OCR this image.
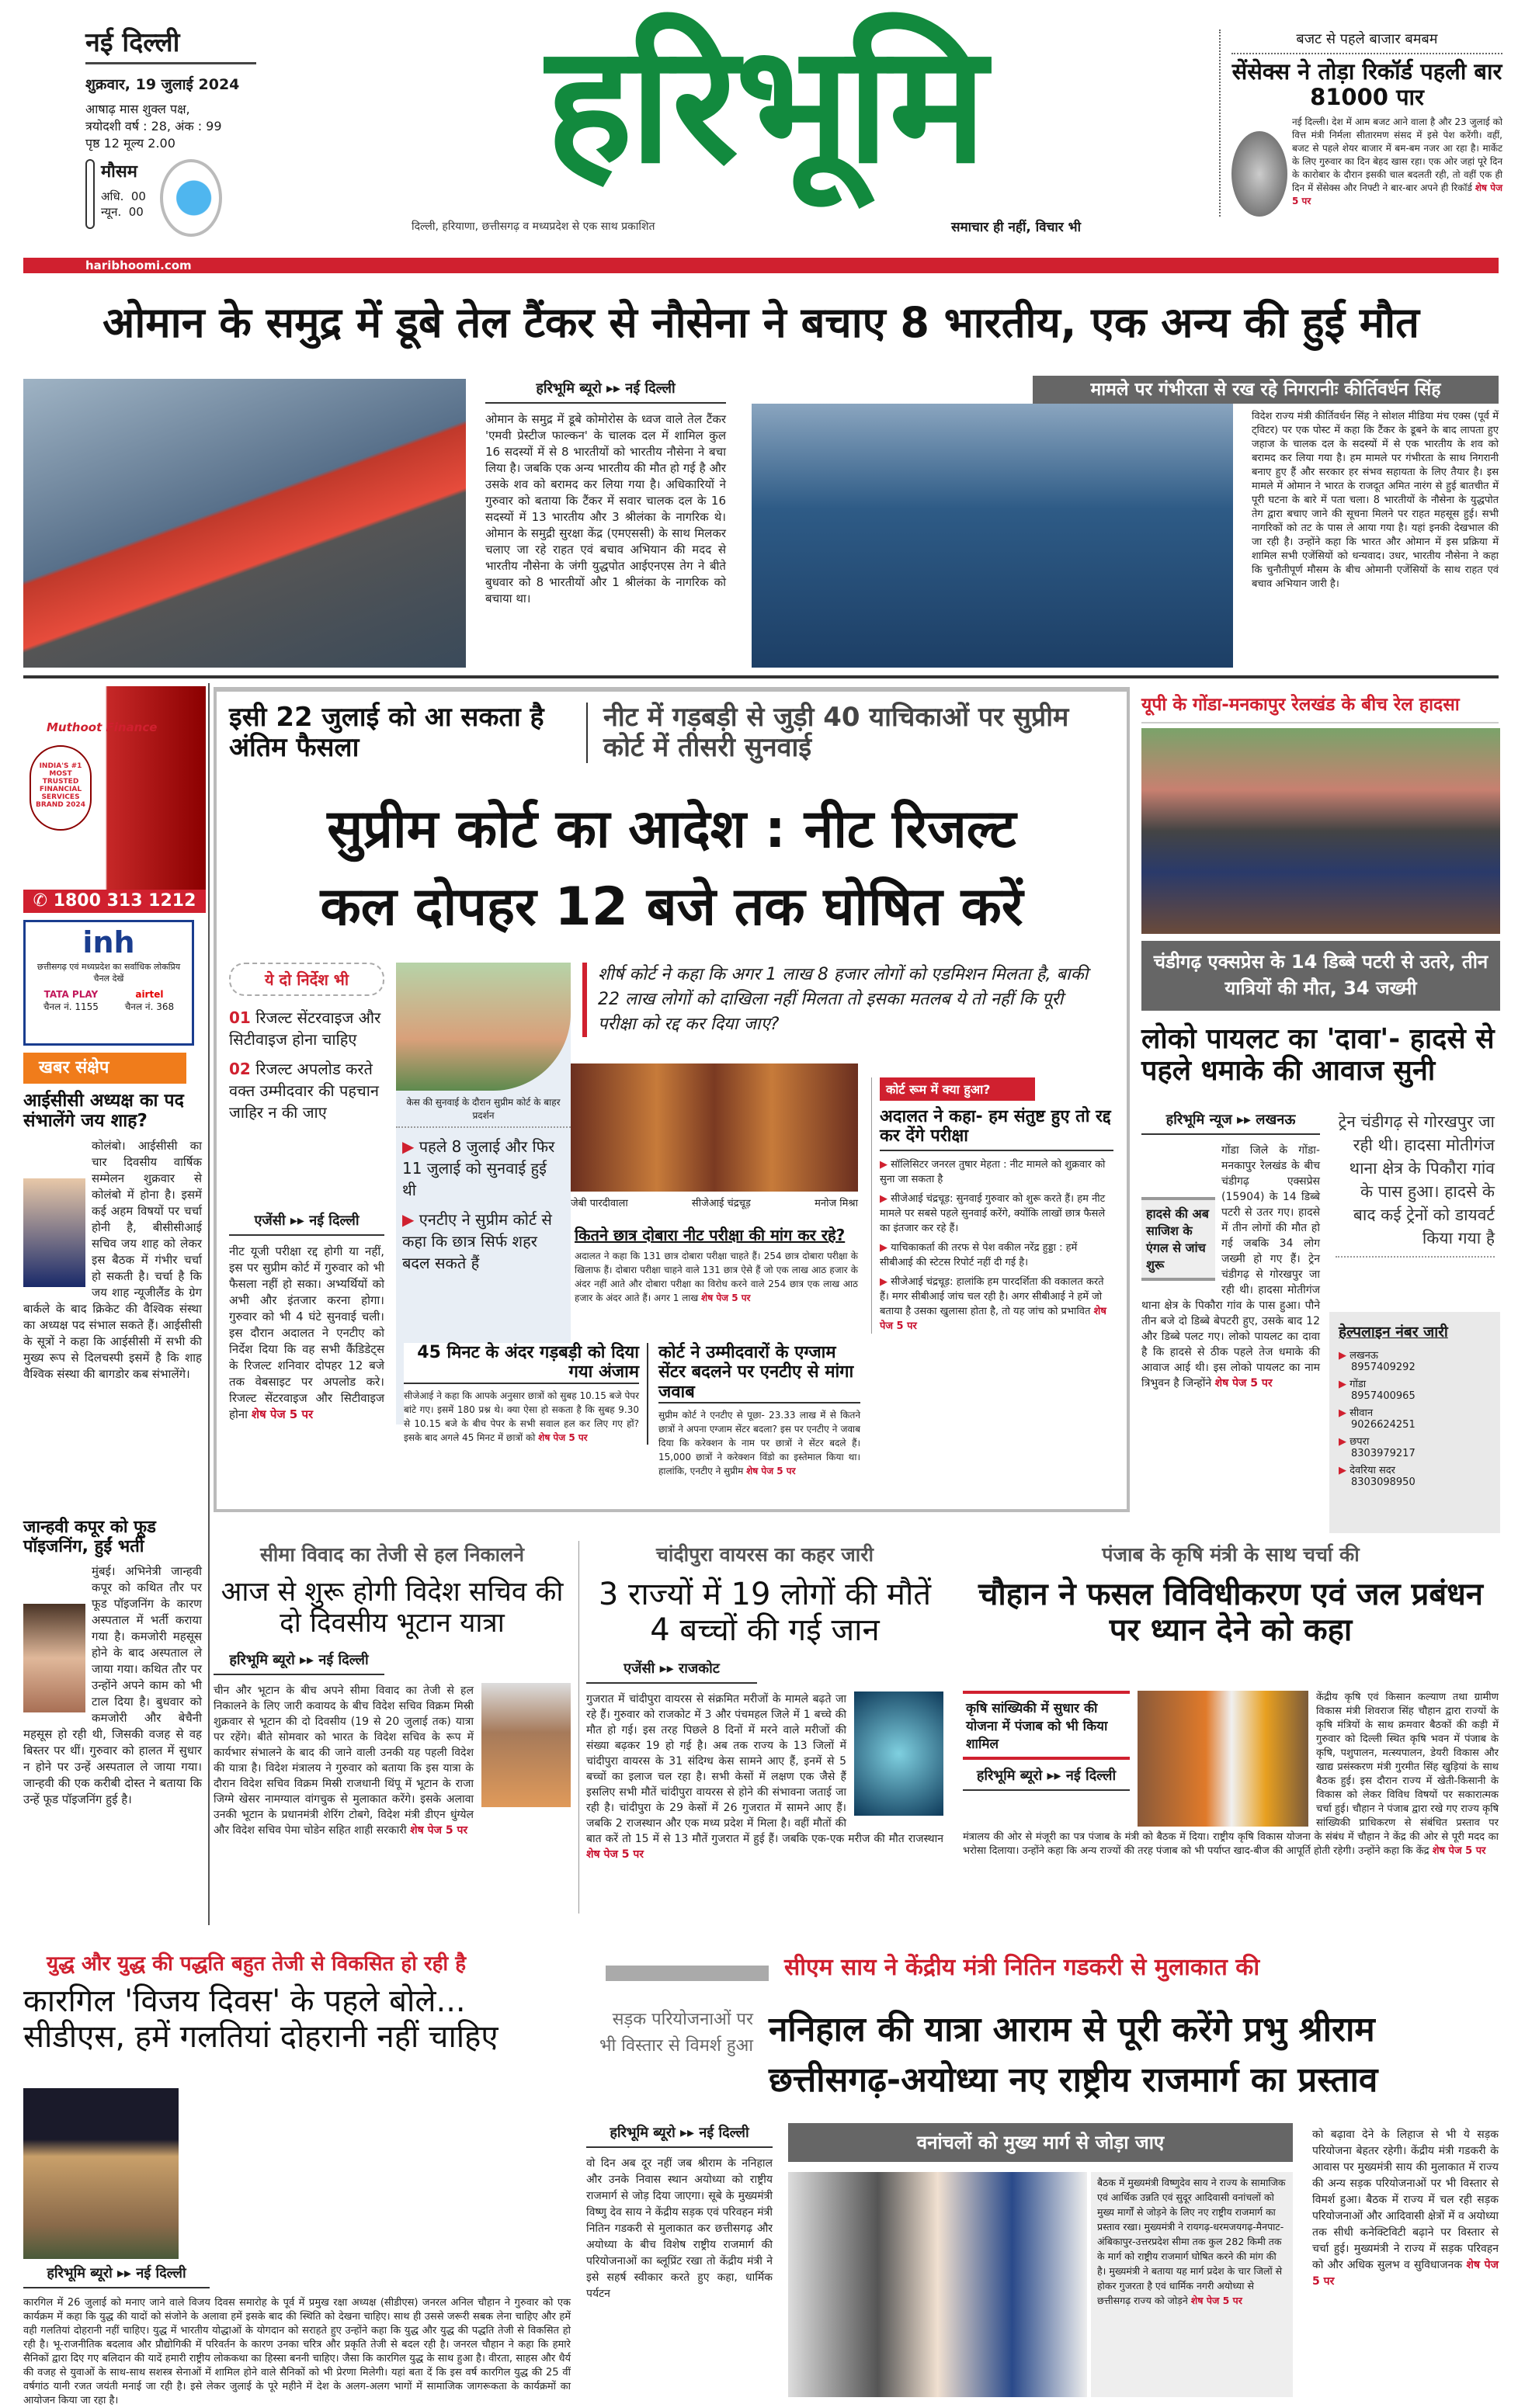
नई दिल्ली
शुक्रवार, 19 जुलाई 2024
आषाढ़ मास शुक्ल पक्ष,
त्रयोदशी वर्ष : 28, अंक : 99
पृष्ठ 12 मूल्य 2.00
मौसम
अधि. 00
न्यून. 00
हरिभूमि
दिल्ली, हरियाणा, छत्तीसगढ़ व मध्यप्रदेश से एक साथ प्रकाशित	समाचार ही नहीं, विचार भी
बजट से पहले बाजार बमबम
सेंसेक्स ने तोड़ा रिकॉर्ड पहली बार 81000 पार
नई दिल्ली। देश में आम बजट आने वाला है और 23 जुलाई को वित्त मंत्री निर्मला सीतारमण संसद में इसे पेश करेंगी। वहीं, बजट से पहले शेयर बाजार में बम-बम नजर आ रहा है। मार्केट के लिए गुरुवार का दिन बेहद खास रहा। एक ओर जहां पूरे दिन के कारोबार के दौरान इसकी चाल बदलती रही, तो वहीं एक ही दिन में सेंसेक्स और निफ्टी ने बार-बार अपने ही रिकॉर्ड शेष पेज 5 पर
haribhoomi.com
ओमान के समुद्र में डूबे तेल टैंकर से नौसेना ने बचाए 8 भारतीय, एक अन्य की हुई मौत
हरिभूमि ब्यूरो ▸▸ नई दिल्ली
ओमान के समुद्र में डूबे कोमोरोस के ध्वज वाले तेल टैंकर 'एमवी प्रेस्टीज फाल्कन' के चालक दल में शामिल कुल 16 सदस्यों में से 8 भारतीयों को भारतीय नौसेना ने बचा लिया है। जबकि एक अन्य भारतीय की मौत हो गई है और उसके शव को बरामद कर लिया गया है। अधिकारियों ने गुरुवार को बताया कि टैंकर में सवार चालक दल के 16 सदस्यों में 13 भारतीय और 3 श्रीलंका के नागरिक थे। ओमान के समुद्री सुरक्षा केंद्र (एमएससी) के साथ मिलकर चलाए जा रहे राहत एवं बचाव अभियान की मदद से भारतीय नौसेना के जंगी युद्धपोत आईएनएस तेग ने बीते बुधवार को 8 भारतीयों और 1 श्रीलंका के नागरिक को बचाया था।
मामले पर गंभीरता से रख रहे निगरानीः कीर्तिवर्धन सिंह
विदेश राज्य मंत्री कीर्तिवर्धन सिंह ने सोशल मीडिया मंच एक्स (पूर्व में ट्विटर) पर एक पोस्ट में कहा कि टैंकर के डूबने के बाद लापता हुए जहाज के चालक दल के सदस्यों में से एक भारतीय के शव को बरामद कर लिया गया है। हम मामले पर गंभीरता के साथ निगरानी बनाए हुए हैं और सरकार हर संभव सहायता के लिए तैयार है। इस मामले में ओमान ने भारत के राजदूत अमित नारंग से हुई बातचीत में पूरी घटना के बारे में पता चला। 8 भारतीयों के नौसेना के युद्धपोत तेग द्वारा बचाए जाने की सूचना मिलने पर राहत महसूस हुई। सभी नागरिकों को तट के पास ले आया गया है। यहां इनकी देखभाल की जा रही है। उन्होंने कहा कि भारत और ओमान में इस प्रक्रिया में शामिल सभी एजेंसियों को धन्यवाद। उधर, भारतीय नौसेना ने कहा कि चुनौतीपूर्ण मौसम के बीच ओमानी एजेंसियों के साथ राहत एवं बचाव अभियान जारी है।
Muthoot Finance
INDIA'S #1 MOST TRUSTED FINANCIAL SERVICES BRAND 2024
✆ 1800 313 1212
inh
छत्तीसगढ़ एवं मध्यप्रदेश का सर्वाधिक लोकप्रिय चैनल देखें
TATA PLAY
चैनल नं. 1155
airtel
चैनल नं. 368
खबर संक्षेप
आईसीसी अध्यक्ष का पद संभालेंगे जय शाह?
कोलंबो। आईसीसी का चार दिवसीय वार्षिक सम्मेलन शुक्रवार से कोलंबो में होना है। इसमें कई अहम विषयों पर चर्चा होनी है, बीसीसीआई सचिव जय शाह को लेकर इस बैठक में गंभीर चर्चा हो सकती है। चर्चा है कि जय शाह न्यूजीलैंड के ग्रेग बार्कले के बाद क्रिकेट की वैश्विक संस्था का अध्यक्ष पद संभाल सकते हैं। आईसीसी के सूत्रों ने कहा कि आईसीसी में सभी की मुख्य रूप से दिलचस्पी इसमें है कि शाह वैश्विक संस्था की बागडोर कब संभालेंगे।
जान्हवी कपूर को फूड पॉइजनिंग, हुईं भर्ती
मुंबई। अभिनेत्री जान्हवी कपूर को कथित तौर पर फूड पॉइजनिंग के कारण अस्पताल में भर्ती कराया गया है। कमजोरी महसूस होने के बाद अस्पताल ले जाया गया। कथित तौर पर उन्होंने अपने काम को भी टाल दिया है। बुधवार को कमजोरी और बेचैनी महसूस हो रही थी, जिसकी वजह से वह बिस्तर पर थीं। गुरुवार को हालत में सुधार न होने पर उन्हें अस्पताल ले जाया गया। जान्हवी की एक करीबी दोस्त ने बताया कि उन्हें फूड पॉइजनिंग हुई है।
इसी 22 जुलाई को आ सकता है अंतिम फैसला
नीट में गड़बड़ी से जुड़ी 40 याचिकाओं पर सुप्रीम कोर्ट में तीसरी सुनवाई
सुप्रीम कोर्ट का आदेश : नीट रिजल्ट
कल दोपहर 12 बजे तक घोषित करें
ये दो निर्देश भी
01 रिजल्ट सेंटरवाइज और सिटीवाइज होना चाहिए
02 रिजल्ट अपलोड करते वक्त उम्मीदवार की पहचान जाहिर न की जाए
एजेंसी ▸▸ नई दिल्ली
नीट यूजी परीक्षा रद्द होगी या नहीं, इस पर सुप्रीम कोर्ट में गुरुवार को भी फैसला नहीं हो सका। अभ्यर्थियों को अभी और इंतजार करना होगा। गुरुवार को भी 4 घंटे सुनवाई चली। इस दौरान अदालत ने एनटीए को निर्देश दिया कि वह सभी कैंडिडेट्स के रिजल्ट शनिवार दोपहर 12 बजे तक वेबसाइट पर अपलोड करे। रिजल्ट सेंटरवाइज और सिटीवाइज होना शेष पेज 5 पर
केस की सुनवाई के दौरान सुप्रीम कोर्ट के बाहर प्रदर्शन
▶ पहले 8 जुलाई और फिर 11 जुलाई को सुनवाई हुई थी
▶ एनटीए ने सुप्रीम कोर्ट से कहा कि छात्र सिर्फ शहर बदल सकते हैं
शीर्ष कोर्ट ने कहा कि अगर 1 लाख 8 हजार लोगों को एडमिशन मिलता है, बाकी 22 लाख लोगों को दाखिला नहीं मिलता तो इसका मतलब ये तो नहीं कि पूरी परीक्षा को रद्द कर दिया जाए?
जेबी पारदीवाला	सीजेआई चंद्रचूड़	मनोज मिश्रा
कितने छात्र दोबारा नीट परीक्षा की मांग कर रहे?
अदालत ने कहा कि 131 छात्र दोबारा परीक्षा चाहते हैं। 254 छात्र दोबारा परीक्षा के खिलाफ हैं। दोबारा परीक्षा चाहने वाले 131 छात्र ऐसे हैं जो एक लाख आठ हजार के अंदर नहीं आते और दोबारा परीक्षा का विरोध करने वाले 254 छात्र एक लाख आठ हजार के अंदर आते हैं। अगर 1 लाख शेष पेज 5 पर
45 मिनट के अंदर गड़बड़ी को दिया गया अंजाम
सीजेआई ने कहा कि आपके अनुसार छात्रों को सुबह 10.15 बजे पेपर बांटे गए। इसमें 180 प्रश्न थे। क्या ऐसा हो सकता है कि सुबह 9.30 से 10.15 बजे के बीच पेपर के सभी सवाल हल कर लिए गए हों? इसके बाद अगले 45 मिनट में छात्रों को शेष पेज 5 पर
कोर्ट ने उम्मीदवारों के एग्जाम सेंटर बदलने पर एनटीए से मांगा जवाब
सुप्रीम कोर्ट ने एनटीए से पूछा- 23.33 लाख में से कितने छात्रों ने अपना एग्जाम सेंटर बदला? इस पर एनटीए ने जवाब दिया कि करेक्शन के नाम पर छात्रों ने सेंटर बदले हैं। 15,000 छात्रों ने करेक्शन विंडो का इस्तेमाल किया था। हालांकि, एनटीए ने सुप्रीम शेष पेज 5 पर
कोर्ट रूम में क्या हुआ?
अदालत ने कहा- हम संतुष्ट हुए तो रद्द कर देंगे परीक्षा
▶ सॉलिसिटर जनरल तुषार मेहता : नीट मामले को शुक्रवार को सुना जा सकता है
▶ सीजेआई चंद्रचूड़: सुनवाई गुरुवार को शुरू करते हैं। हम नीट मामले पर सबसे पहले सुनवाई करेंगे, क्योंकि लाखों छात्र फैसले का इंतजार कर रहे हैं।
▶ याचिकाकर्ता की तरफ से पेश वकील नरेंद्र हुड्डा : हमें सीबीआई की स्टेटस रिपोर्ट नहीं दी गई है।
▶ सीजेआई चंद्रचूड़: हालांकि हम पारदर्शिता की वकालत करते हैं। मगर सीबीआई जांच चल रही है। अगर सीबीआई ने हमें जो बताया है उसका खुलासा होता है, तो यह जांच को प्रभावित शेष पेज 5 पर
यूपी के गोंडा-मनकापुर रेलखंड के बीच रेल हादसा
चंडीगढ़ एक्सप्रेस के 14 डिब्बे पटरी से उतरे, तीन यात्रियों की मौत, 34 जख्मी
लोको पायलट का 'दावा'- हादसे से पहले धमाके की आवाज सुनी
हरिभूमि न्यूज ▸▸ लखनऊ
हादसे की अब साजिश के एंगल से जांच शुरू
गोंडा जिले के गोंडा- मनकापुर रेलखंड के बीच चंडीगढ़ एक्सप्रेस (15904) के 14 डिब्बे पटरी से उतर गए। हादसे में तीन लोगों की मौत हो गई जबकि 34 लोग जख्मी हो गए हैं। ट्रेन चंडीगढ़ से गोरखपुर जा रही थी। हादसा मोतीगंज थाना क्षेत्र के पिकौरा गांव के पास हुआ। पौने तीन बजे दो डिब्बे बेपटरी हुए, उसके बाद 12 और डिब्बे पलट गए। लोको पायलट का दावा है कि हादसे से ठीक पहले तेज धमाके की आवाज आई थी। इस लोको पायलट का नाम त्रिभुवन है जिन्होंने शेष पेज 5 पर
ट्रेन चंडीगढ़ से गोरखपुर जा रही थी। हादसा मोतीगंज थाना क्षेत्र के पिकौरा गांव के पास हुआ। हादसे के बाद कई ट्रेनों को डायवर्ट किया गया है
हेल्पलाइन नंबर जारी
▶ लखनऊ
8957409292
▶ गोंडा
8957400965
▶ सीवान
9026624251
▶ छपरा
8303979217
▶ देवरिया सदर
8303098950
सीमा विवाद का तेजी से हल निकालने
आज से शुरू होगी विदेश सचिव की दो दिवसीय भूटान यात्रा
हरिभूमि ब्यूरो ▸▸ नई दिल्ली
चीन और भूटान के बीच अपने सीमा विवाद का तेजी से हल निकालने के लिए जारी कवायद के बीच विदेश सचिव विक्रम मिस्री शुक्रवार से भूटान की दो दिवसीय (19 से 20 जुलाई तक) यात्रा पर रहेंगे। बीते सोमवार को भारत के विदेश सचिव के रूप में कार्यभार संभालने के बाद की जाने वाली उनकी यह पहली विदेश की यात्रा है। विदेश मंत्रालय ने गुरुवार को बताया कि इस यात्रा के दौरान विदेश सचिव विक्रम मिस्री राजधानी थिंपू में भूटान के राजा जिग्मे खेसर नामग्याल वांगचुक से मुलाकात करेंगे। इसके अलावा उनकी भूटान के प्रधानमंत्री शेरिंग टोबगे, विदेश मंत्री डीएन धुंग्येल और विदेश सचिव पेमा चोडेन सहित शाही सरकारी शेष पेज 5 पर
चांदीपुरा वायरस का कहर जारी
3 राज्यों में 19 लोगों की मौतें 4 बच्चों की गई जान
एजेंसी ▸▸ राजकोट
गुजरात में चांदीपुरा वायरस से संक्रमित मरीजों के मामले बढ़ते जा रहे हैं। गुरुवार को राजकोट में 3 और पंचमहल जिले में 1 बच्चे की मौत हो गई। इस तरह पिछले 8 दिनों में मरने वाले मरीजों की संख्या बढ़कर 19 हो गई है। अब तक राज्य के 13 जिलों में चांदीपुरा वायरस के 31 संदिग्ध केस सामने आए हैं, इनमें से 5 बच्चों का इलाज चल रहा है। सभी केसों में लक्षण एक जैसे हैं इसलिए सभी मौतें चांदीपुरा वायरस से होने की संभावना जताई जा रही है। चांदीपुरा के 29 केसों में 26 गुजरात में सामने आए हैं। जबकि 2 राजस्थान और एक मध्य प्रदेश में मिला है। वहीं मौतों की बात करें तो 15 में से 13 मौतें गुजरात में हुई हैं। जबकि एक-एक मरीज की मौत राजस्थान शेष पेज 5 पर
पंजाब के कृषि मंत्री के साथ चर्चा की
चौहान ने फसल विविधीकरण एवं जल प्रबंधन पर ध्यान देने को कहा
कृषि सांख्यिकी में सुधार की योजना में पंजाब को भी किया शामिल
हरिभूमि ब्यूरो ▸▸ नई दिल्ली
केंद्रीय कृषि एवं किसान कल्याण तथा ग्रामीण विकास मंत्री शिवराज सिंह चौहान द्वारा राज्यों के कृषि मंत्रियों के साथ क्रमवार बैठकों की कड़ी में गुरुवार को दिल्ली स्थित कृषि भवन में पंजाब के कृषि, पशुपालन, मत्स्यपालन, डेयरी विकास और खाद्य प्रसंस्करण मंत्री गुरमीत सिंह खुड़ियां के साथ बैठक हुई। इस दौरान राज्य में खेती-किसानी के विकास को लेकर विविध विषयों पर सकारात्मक चर्चा हुई। चौहान ने पंजाब द्वारा रखे गए राज्य कृषि सांख्यिकी प्राधिकरण से संबंधित प्रस्ताव पर मंत्रालय की ओर से मंजूरी का पत्र पंजाब के मंत्री को बैठक में दिया। राष्ट्रीय कृषि विकास योजना के संबंध में चौहान ने केंद्र की ओर से पूरी मदद का भरोसा दिलाया। उन्होंने कहा कि अन्य राज्यों की तरह पंजाब को भी पर्याप्त खाद-बीज की आपूर्ति होती रहेगी। उन्होंने कहा कि केंद्र शेष पेज 5 पर
युद्ध और युद्ध की पद्धति बहुत तेजी से विकसित हो रही है
कारगिल 'विजय दिवस' के पहले बोले... सीडीएस, हमें गलतियां दोहरानी नहीं चाहिए
हरिभूमि ब्यूरो ▸▸ नई दिल्ली
कारगिल में 26 जुलाई को मनाए जाने वाले विजय दिवस समारोह के पूर्व में प्रमुख रक्षा अध्यक्ष (सीडीएस) जनरल अनिल चौहान ने गुरुवार को एक कार्यक्रम में कहा कि युद्ध की यादों को संजोने के अलावा हमें इसके बाद की स्थिति को देखना चाहिए। साथ ही उससे जरूरी सबक लेना चाहिए और हमें वही गलतियां दोहरानी नहीं चाहिए। युद्ध में भारतीय योद्धाओं के योगदान को सराहते हुए उन्होंने कहा कि युद्ध और युद्ध की पद्धति तेजी से विकसित हो रही है। भू-राजनीतिक बदलाव और प्रौद्योगिकी में परिवर्तन के कारण उनका चरित्र और प्रकृति तेजी से बदल रही है। जनरल चौहान ने कहा कि हमारे सैनिकों द्वारा दिए गए बलिदान की यादें हमारी राष्ट्रीय लोककथा का हिस्सा बननी चाहिए। जैसा कि कारगिल युद्ध के साथ हुआ है। वीरता, साहस और धैर्य की वजह से युवाओं के साथ-साथ सशस्त्र सेनाओं में शामिल होने वाले सैनिकों को भी प्रेरणा मिलेगी। यहां बता दें कि इस वर्ष कारगिल युद्ध की 25 वीं वर्षगांठ यानी रजत जयंती मनाई जा रही है। इसे लेकर जुलाई के पूरे महीने में देश के अलग-अलग भागों में सामाजिक जागरूकता के कार्यक्रमों का आयोजन किया जा रहा है।
सीएम साय ने केंद्रीय मंत्री नितिन गडकरी से मुलाकात की
सड़क परियोजनाओं पर भी विस्तार से विमर्श हुआ ननिहाल की यात्रा आराम से पूरी करेंगे प्रभु श्रीराम
छत्तीसगढ़-अयोध्या नए राष्ट्रीय राजमार्ग का प्रस्ताव
हरिभूमि ब्यूरो ▸▸ नई दिल्ली
वो दिन अब दूर नहीं जब श्रीराम के ननिहाल और उनके निवास स्थान अयोध्या को राष्ट्रीय राजमार्ग से जोड़ दिया जाएगा। सूबे के मुख्यमंत्री विष्णु देव साय ने केंद्रीय सड़क एवं परिवहन मंत्री नितिन गडकरी से मुलाकात कर छत्तीसगढ़ और अयोध्या के बीच विशेष राष्ट्रीय राजमार्ग की परियोजनाओं का ब्लूप्रिंट रखा तो केंद्रीय मंत्री ने इसे सहर्ष स्वीकार करते हुए कहा, धार्मिक पर्यटन
वनांचलों को मुख्य मार्ग से जोड़ा जाए
बैठक में मुख्यमंत्री विष्णुदेव साय ने राज्य के सामाजिक एवं आर्थिक उन्नति एवं सुदूर आदिवासी वनांचलों को मुख्य मार्गों से जोड़ने के लिए नए राष्ट्रीय राजमार्ग का प्रस्ताव रखा। मुख्यमंत्री ने रायगढ़-धरमजयगढ़-मैनपाट-अंबिकापुर-उत्तरप्रदेश सीमा तक कुल 282 किमी तक के मार्ग को राष्ट्रीय राजमार्ग घोषित करने की मांग की है। मुख्यमंत्री ने बताया यह मार्ग प्रदेश के चार जिलों से होकर गुजरता है एवं धार्मिक नगरी अयोध्या से छत्तीसगढ़ राज्य को जोड़ने शेष पेज 5 पर
को बढ़ावा देने के लिहाज से भी ये सड़क परियोजना बेहतर रहेगी। केंद्रीय मंत्री गडकरी के आवास पर मुख्यमंत्री साय की मुलाकात में राज्य की अन्य सड़क परियोजनाओं पर भी विस्तार से विमर्श हुआ। बैठक में राज्य में चल रही सड़क परियोजनाओं और आदिवासी क्षेत्रों में व अयोध्या तक सीधी कनेक्टिविटी बढ़ाने पर विस्तार से चर्चा हुई। मुख्यमंत्री ने राज्य में सड़क परिवहन को और अधिक सुलभ व सुविधाजनक शेष पेज 5 पर
